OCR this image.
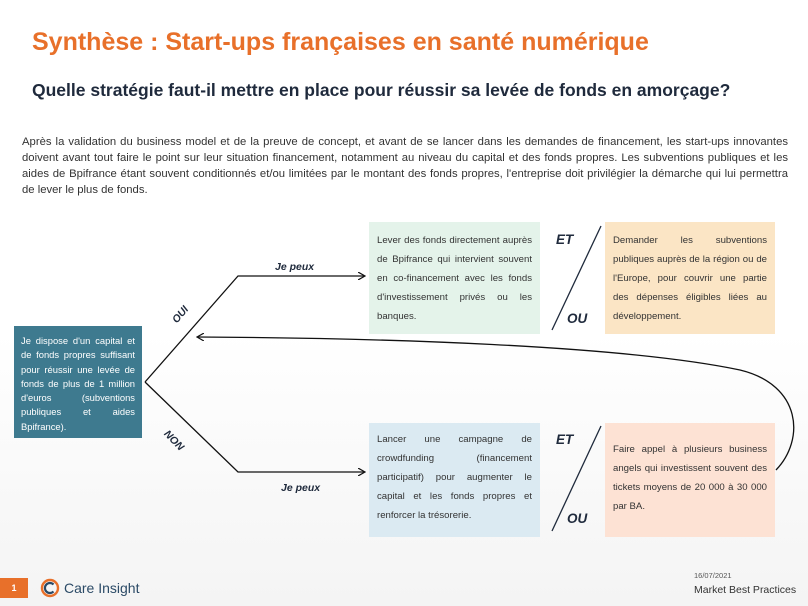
Synthèse : Start-ups françaises en santé numérique
Quelle stratégie faut-il mettre en place pour réussir sa levée de fonds en amorçage?
Après la validation du business model et de la preuve de concept, et avant de se lancer dans les demandes de financement, les start-ups innovantes doivent avant tout faire le point sur leur situation financement, notamment au niveau du capital et des fonds propres. Les subventions publiques et les aides de Bpifrance étant souvent conditionnés et/ou limitées par le montant des fonds propres, l'entreprise doit privilégier la démarche qui lui permettra de lever le plus de fonds.
Je dispose d'un capital et de fonds propres suffisant pour réussir une levée de fonds de plus de 1 million d'euros (subventions publiques et aides Bpifrance).
OUI
NON
Je peux
Je peux
Lever des fonds directement auprès de Bpifrance qui intervient souvent en co-financement avec les fonds d'investissement privés ou les banques.
Demander les subventions publiques auprès de la région ou de l'Europe, pour couvrir une partie des dépenses éligibles liées au développement.
Lancer une campagne de crowdfunding (financement participatif) pour augmenter le capital et les fonds propres et renforcer la trésorerie.
Faire appel à plusieurs business angels qui investissent souvent des tickets moyens de 20 000 à 30 000 par BA.
ET
OU
ET
OU
1	Care Insight
16/07/2021
Market Best Practices
